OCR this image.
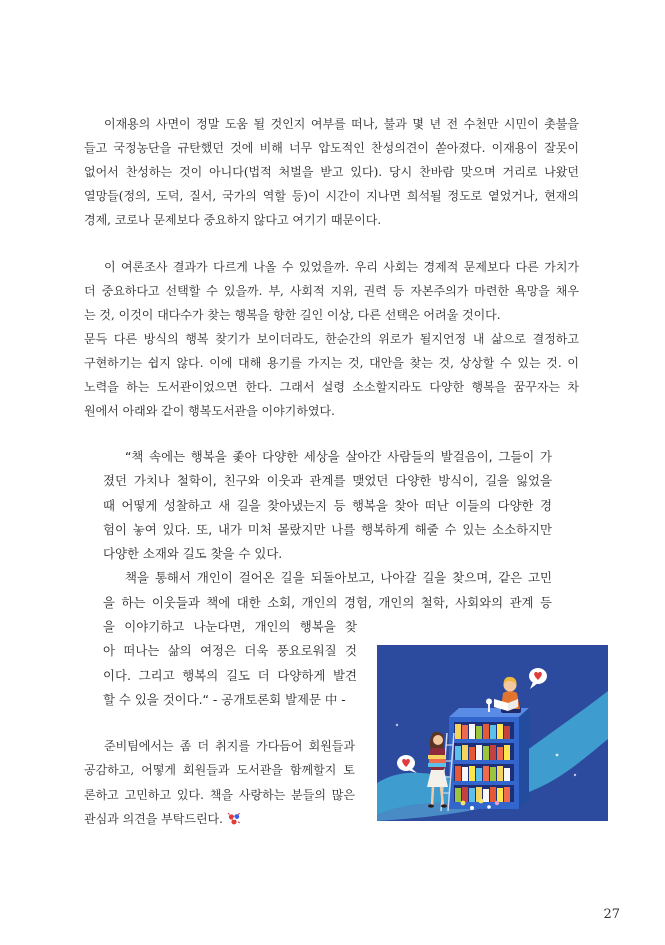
이재용의 사면이 정말 도움 될 것인지 여부를 떠나, 불과 몇 년 전 수천만 시민이 촛불을
들고 국정농단을 규탄했던 것에 비해 너무 압도적인 찬성의견이 쏟아졌다. 이재용이 잘못이
없어서 찬성하는 것이 아니다(법적 처벌을 받고 있다). 당시 찬바람 맞으며 거리로 나왔던
열망들(정의, 도덕, 질서, 국가의 역할 등)이 시간이 지나면 희석될 정도로 옅었거나, 현재의
경제, 코로나 문제보다 중요하지 않다고 여기기 때문이다.
이 여론조사 결과가 다르게 나올 수 있었을까. 우리 사회는 경제적 문제보다 다른 가치가
더 중요하다고 선택할 수 있을까. 부, 사회적 지위, 권력 등 자본주의가 마련한 욕망을 채우
는 것, 이것이 대다수가 찾는 행복을 향한 길인 이상, 다른 선택은 어려울 것이다.
문득 다른 방식의 행복 찾기가 보이더라도, 한순간의 위로가 될지언정 내 삶으로 결정하고
구현하기는 쉽지 않다. 이에 대해 용기를 가지는 것, 대안을 찾는 것, 상상할 수 있는 것. 이
노력을 하는 도서관이었으면 한다. 그래서 설령 소소할지라도 다양한 행복을 꿈꾸자는 차
원에서 아래와 같이 행복도서관을 이야기하였다.
“책 속에는 행복을 좇아 다양한 세상을 살아간 사람들의 발걸음이, 그들이 가
졌던 가치나 철학이, 친구와 이웃과 관계를 맺었던 다양한 방식이, 길을 잃었을
때 어떻게 성찰하고 새 길을 찾아냈는지 등 행복을 찾아 떠난 이들의 다양한 경
험이 놓여 있다. 또, 내가 미처 몰랐지만 나를 행복하게 해줄 수 있는 소소하지만
다양한 소재와 길도 찾을 수 있다.
책을 통해서 개인이 걸어온 길을 되돌아보고, 나아갈 길을 찾으며, 같은 고민
을 하는 이웃들과 책에 대한 소회, 개인의 경험, 개인의 철학, 사회와의 관계 등
을 이야기하고 나눈다면, 개인의 행복을 찾
아 떠나는 삶의 여정은 더욱 풍요로워질 것
이다. 그리고 행복의 길도 더 다양하게 발견
할 수 있을 것이다.“ - 공개토론회 발제문 中 -
준비팀에서는 좀 더 취지를 가다듬어 회원들과
공감하고, 어떻게 회원들과 도서관을 함께할지 토
론하고 고민하고 있다. 책을 사랑하는 분들의 많은
관심과 의견을 부탁드린다.
27
